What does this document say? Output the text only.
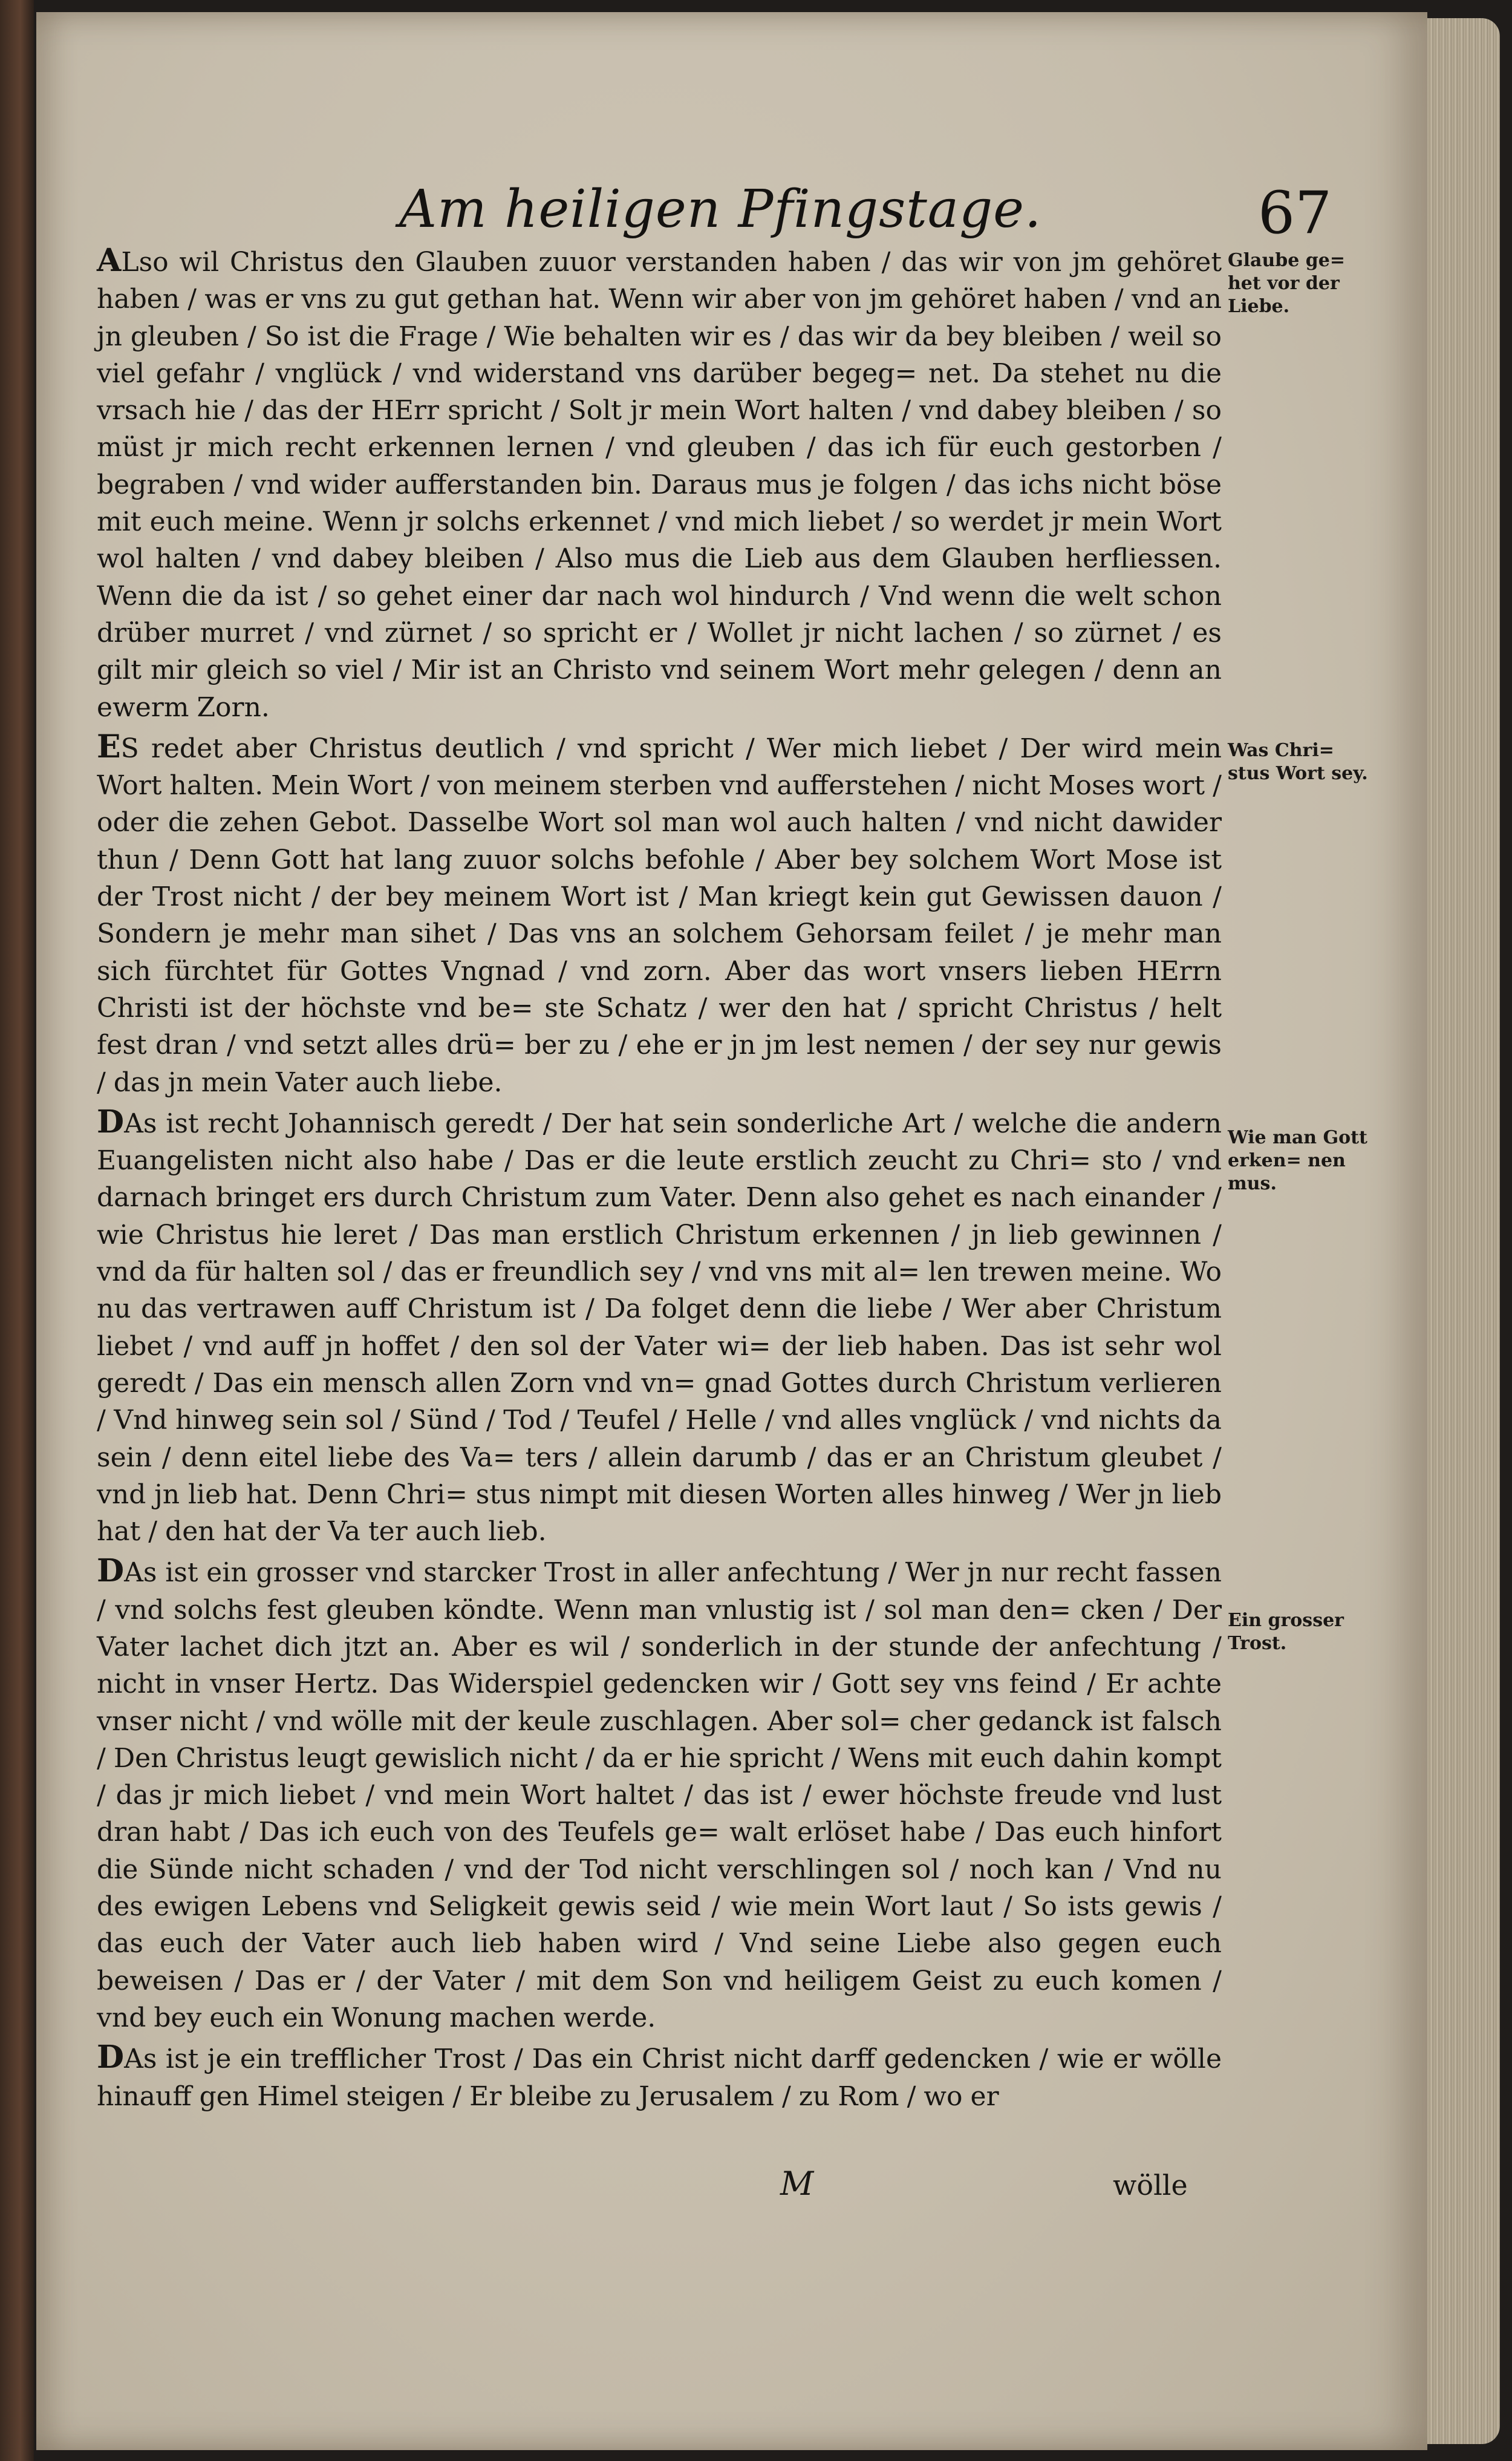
Am heiligen Pfingstage.	67

ALso wil Christus den Glauben zuuor verstanden haben / das wir von jm gehöret haben / was er vns zu gut gethan hat. Wenn wir aber von jm gehöret haben / vnd an jn gleuben / So ist die Frage / Wie behalten wir es / das wir da bey bleiben / weil so viel gefahr / vnglück / vnd widerstand vns darüber begeg= net. Da stehet nu die vrsach hie / das der HErr spricht / Solt jr mein Wort halten / vnd dabey bleiben / so müst jr mich recht erkennen lernen / vnd gleuben / das ich für euch gestorben / begraben / vnd wider aufferstanden bin. Daraus mus je folgen / das ichs nicht böse mit euch meine. Wenn jr solchs erkennet / vnd mich liebet / so werdet jr mein Wort wol halten / vnd dabey bleiben / Also mus die Lieb aus dem Glauben herfliessen. Wenn die da ist / so gehet einer dar nach wol hindurch / Vnd wenn die welt schon drüber murret / vnd zürnet / so spricht er / Wollet jr nicht lachen / so zürnet / es gilt mir gleich so viel / Mir ist an Christo vnd seinem Wort mehr gelegen / denn an ewerm Zorn.

ES redet aber Christus deutlich / vnd spricht / Wer mich liebet / Der wird mein Wort halten. Mein Wort / von meinem sterben vnd aufferstehen / nicht Moses wort / oder die zehen Gebot. Dasselbe Wort sol man wol auch halten / vnd nicht dawider thun / Denn Gott hat lang zuuor solchs befohle / Aber bey solchem Wort Mose ist der Trost nicht / der bey meinem Wort ist / Man kriegt kein gut Gewissen dauon / Sondern je mehr man sihet / Das vns an solchem Gehorsam feilet / je mehr man sich fürchtet für Gottes Vngnad / vnd zorn. Aber das wort vnsers lieben HErrn Christi ist der höchste vnd be= ste Schatz / wer den hat / spricht Christus / helt fest dran / vnd setzt alles drü= ber zu / ehe er jn jm lest nemen / der sey nur gewis / das jn mein Vater auch liebe.

DAs ist recht Johannisch geredt / Der hat sein sonderliche Art / welche die andern Euangelisten nicht also habe / Das er die leute erstlich zeucht zu Chri= sto / vnd darnach bringet ers durch Christum zum Vater. Denn also gehet es nach einander / wie Christus hie leret / Das man erstlich Christum erkennen / jn lieb gewinnen / vnd da für halten sol / das er freundlich sey / vnd vns mit al= len trewen meine. Wo nu das vertrawen auff Christum ist / Da folget denn die liebe / Wer aber Christum liebet / vnd auff jn hoffet / den sol der Vater wi= der lieb haben. Das ist sehr wol geredt / Das ein mensch allen Zorn vnd vn= gnad Gottes durch Christum verlieren / Vnd hinweg sein sol / Sünd / Tod / Teufel / Helle / vnd alles vnglück / vnd nichts da sein / denn eitel liebe des Va= ters / allein darumb / das er an Christum gleubet / vnd jn lieb hat. Denn Chri= stus nimpt mit diesen Worten alles hinweg / Wer jn lieb hat / den hat der Va ter auch lieb.

DAs ist ein grosser vnd starcker Trost in aller anfechtung / Wer jn nur recht fassen / vnd solchs fest gleuben köndte. Wenn man vnlustig ist / sol man den= cken / Der Vater lachet dich jtzt an. Aber es wil / sonderlich in der stunde der anfechtung / nicht in vnser Hertz. Das Widerspiel gedencken wir / Gott sey vns feind / Er achte vnser nicht / vnd wölle mit der keule zuschlagen. Aber sol= cher gedanck ist falsch / Den Christus leugt gewislich nicht / da er hie spricht / Wens mit euch dahin kompt / das jr mich liebet / vnd mein Wort haltet / das ist / ewer höchste freude vnd lust dran habt / Das ich euch von des Teufels ge= walt erlöset habe / Das euch hinfort die Sünde nicht schaden / vnd der Tod nicht verschlingen sol / noch kan / Vnd nu des ewigen Lebens vnd Seligkeit gewis seid / wie mein Wort laut / So ists gewis / das euch der Vater auch lieb haben wird / Vnd seine Liebe also gegen euch beweisen / Das er / der Vater / mit dem Son vnd heiligem Geist zu euch komen / vnd bey euch ein Wonung machen werde.

DAs ist je ein trefflicher Trost / Das ein Christ nicht darff gedencken / wie er wölle hinauff gen Himel steigen / Er bleibe zu Jerusalem / zu Rom / wo er

Glaube ge= het vor der Liebe.
Was Chri= stus Wort sey.
Wie man Gott erken= nen mus.
Ein grosser Trost.
M	wölle
